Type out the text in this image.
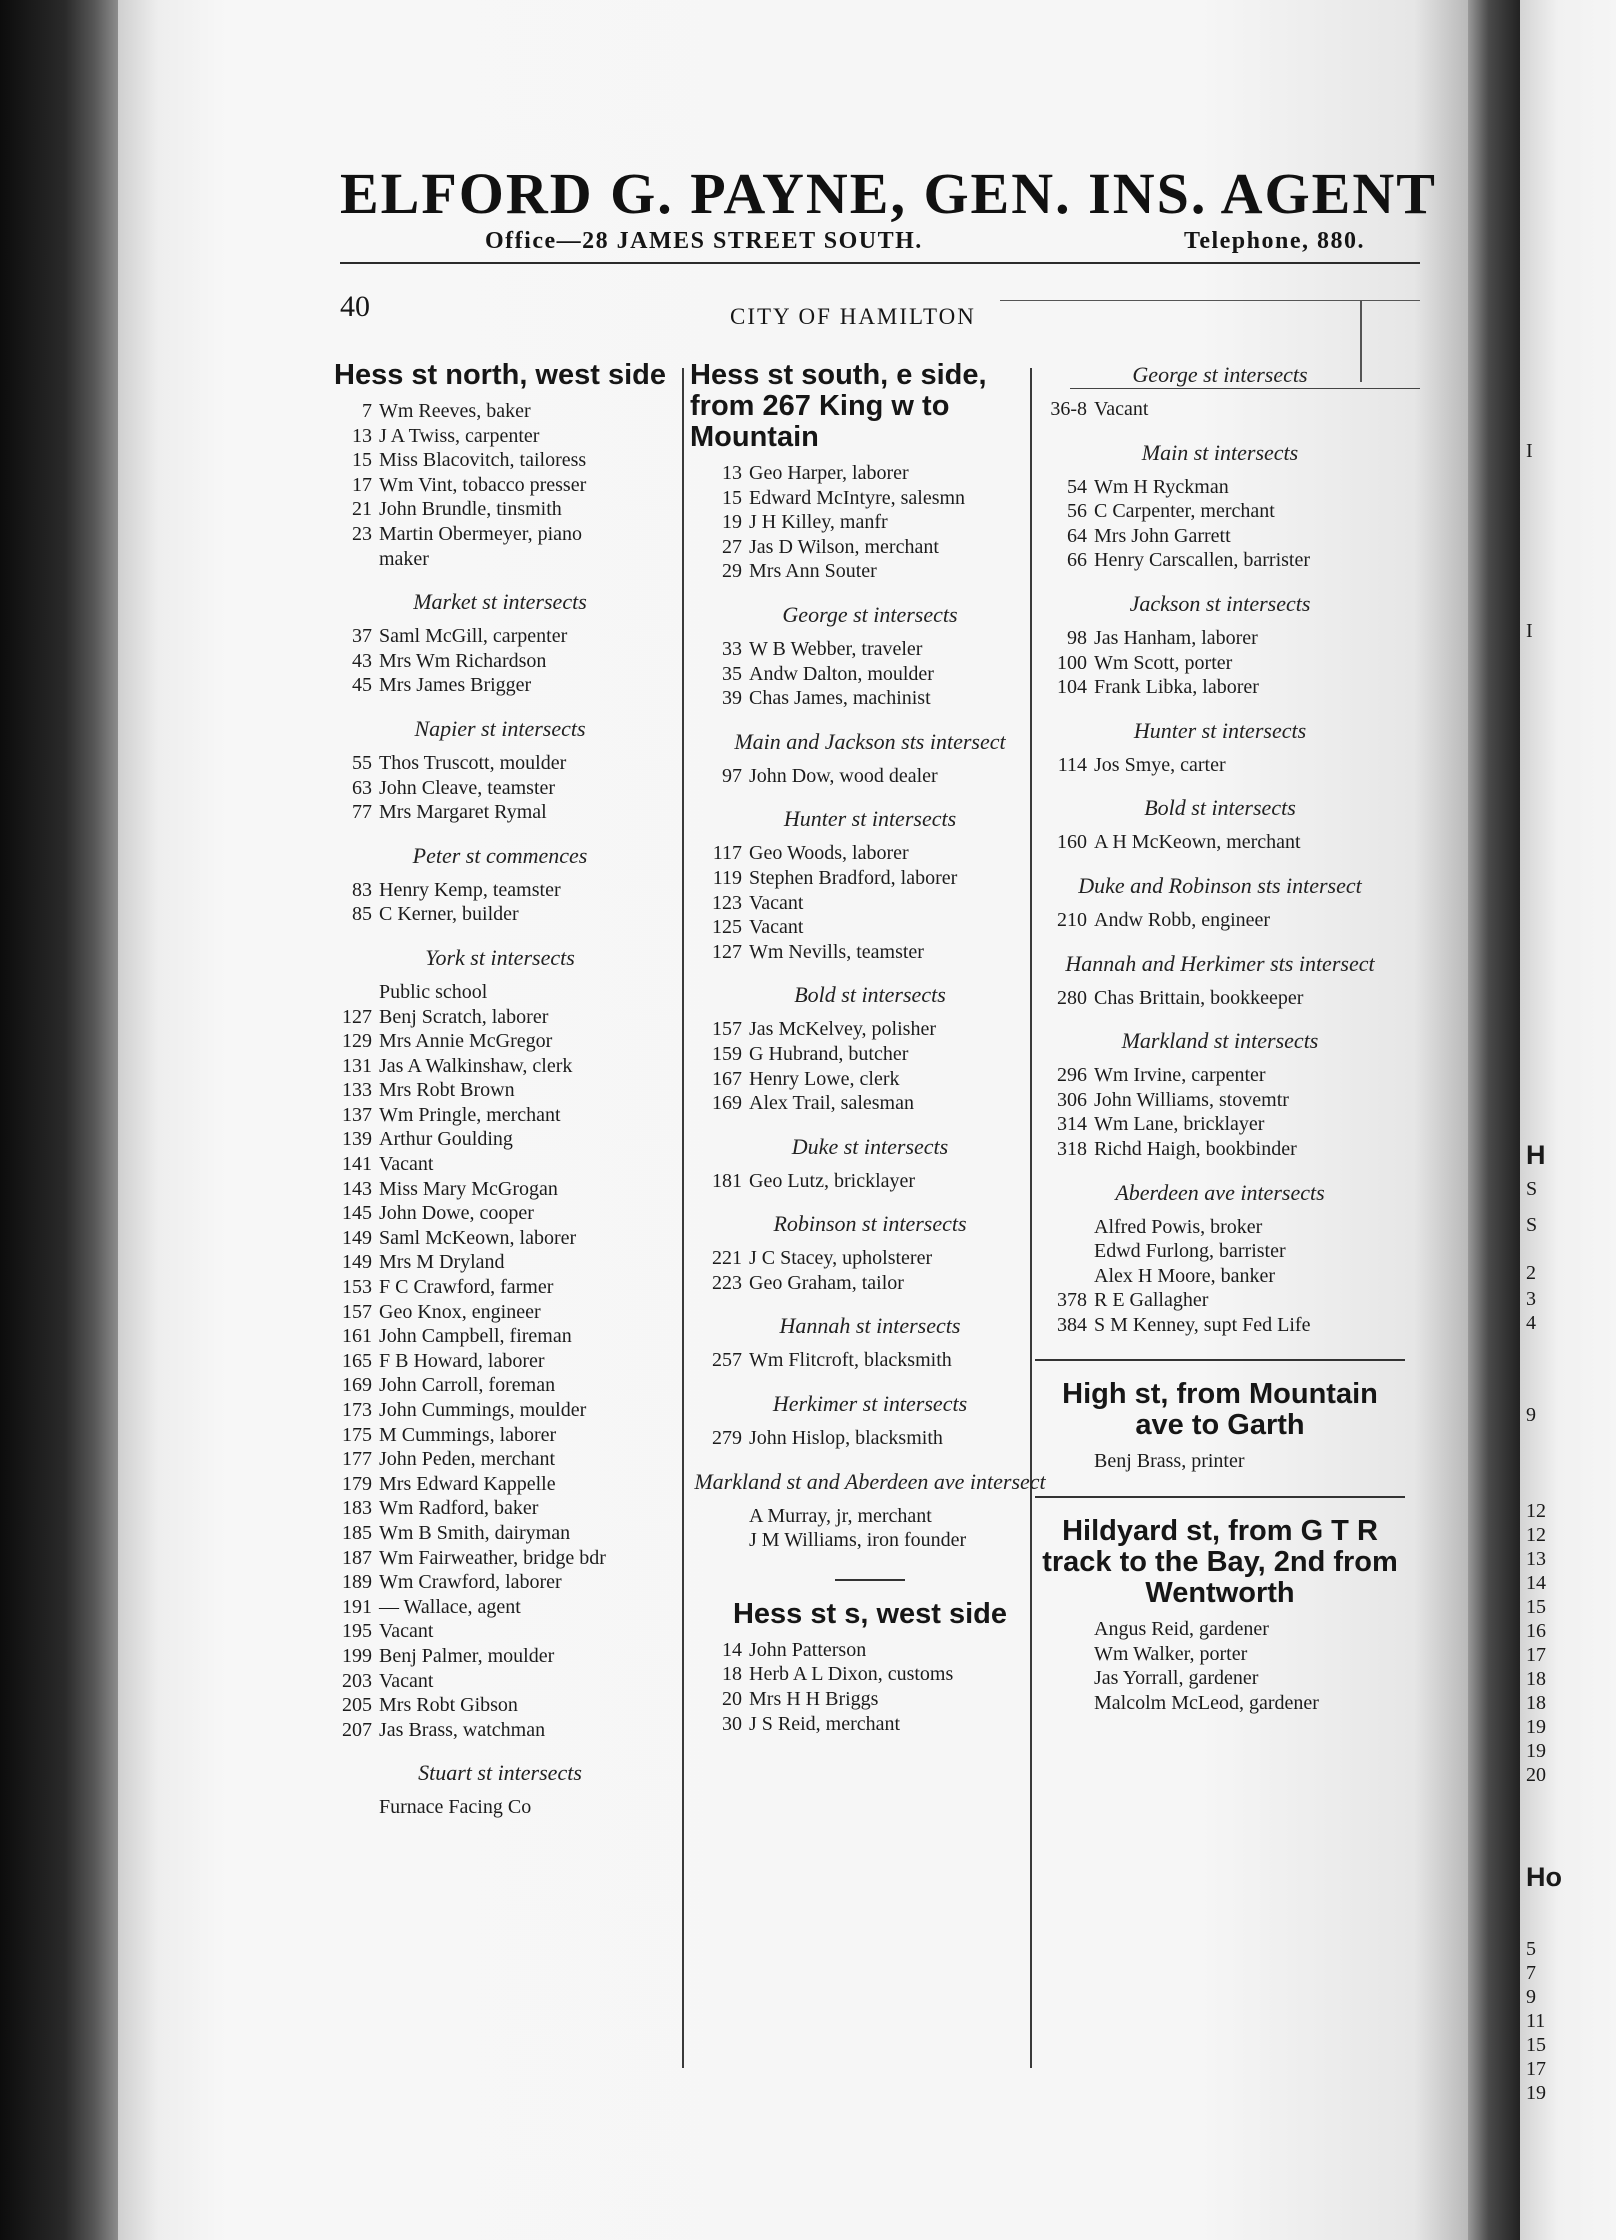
I
I
H
S
S
2
3
4
9
12
12
13
14
15
16
17
18
18
19
19
20
Ho
5
7
9
11
15
17
19
ELFORD G. PAYNE, GEN. INS. AGENT
Office—28 JAMES STREET SOUTH.	Telephone, 880.
40	CITY OF HAMILTON
Hess st north, west side
7 Wm Reeves, baker
13 J A Twiss, carpenter
15 Miss Blacovitch, tailoress
17 Wm Vint, tobacco presser
21 John Brundle, tinsmith
23 Martin Obermeyer, piano
maker
Market st intersects
37 Saml McGill, carpenter
43 Mrs Wm Richardson
45 Mrs James Brigger
Napier st intersects
55 Thos Truscott, moulder
63 John Cleave, teamster
77 Mrs Margaret Rymal
Peter st commences
83 Henry Kemp, teamster
85 C Kerner, builder
York st intersects
Public school
127 Benj Scratch, laborer
129 Mrs Annie McGregor
131 Jas A Walkinshaw, clerk
133 Mrs Robt Brown
137 Wm Pringle, merchant
139 Arthur Goulding
141 Vacant
143 Miss Mary McGrogan
145 John Dowe, cooper
149 Saml McKeown, laborer
149 Mrs M Dryland
153 F C Crawford, farmer
157 Geo Knox, engineer
161 John Campbell, fireman
165 F B Howard, laborer
169 John Carroll, foreman
173 John Cummings, moulder
175 M Cummings, laborer
177 John Peden, merchant
179 Mrs Edward Kappelle
183 Wm Radford, baker
185 Wm B Smith, dairyman
187 Wm Fairweather, bridge bdr
189 Wm Crawford, laborer
191 — Wallace, agent
195 Vacant
199 Benj Palmer, moulder
203 Vacant
205 Mrs Robt Gibson
207 Jas Brass, watchman
Stuart st intersects
Furnace Facing Co
Hess st south, e side, from 267 King w to Mountain
13 Geo Harper, laborer
15 Edward McIntyre, salesmn
19 J H Killey, manfr
27 Jas D Wilson, merchant
29 Mrs Ann Souter
George st intersects
33 W B Webber, traveler
35 Andw Dalton, moulder
39 Chas James, machinist
Main and Jackson sts intersect
97 John Dow, wood dealer
Hunter st intersects
117 Geo Woods, laborer
119 Stephen Bradford, laborer
123 Vacant
125 Vacant
127 Wm Nevills, teamster
Bold st intersects
157 Jas McKelvey, polisher
159 G Hubrand, butcher
167 Henry Lowe, clerk
169 Alex Trail, salesman
Duke st intersects
181 Geo Lutz, bricklayer
Robinson st intersects
221 J C Stacey, upholsterer
223 Geo Graham, tailor
Hannah st intersects
257 Wm Flitcroft, blacksmith
Herkimer st intersects
279 John Hislop, blacksmith
Markland st and Aberdeen ave intersect
A Murray, jr, merchant
J M Williams, iron founder
Hess st s, west side
14 John Patterson
18 Herb A L Dixon, customs
20 Mrs H H Briggs
30 J S Reid, merchant
George st intersects
36-8 Vacant
Main st intersects
54 Wm H Ryckman
56 C Carpenter, merchant
64 Mrs John Garrett
66 Henry Carscallen, barrister
Jackson st intersects
98 Jas Hanham, laborer
100 Wm Scott, porter
104 Frank Libka, laborer
Hunter st intersects
114 Jos Smye, carter
Bold st intersects
160 A H McKeown, merchant
Duke and Robinson sts intersect
210 Andw Robb, engineer
Hannah and Herkimer sts intersect
280 Chas Brittain, bookkeeper
Markland st intersects
296 Wm Irvine, carpenter
306 John Williams, stovemtr
314 Wm Lane, bricklayer
318 Richd Haigh, bookbinder
Aberdeen ave intersects
Alfred Powis, broker
Edwd Furlong, barrister
Alex H Moore, banker
378 R E Gallagher
384 S M Kenney, supt Fed Life
High st, from Mountain ave to Garth
Benj Brass, printer
Hildyard st, from G T R track to the Bay, 2nd from Wentworth
Angus Reid, gardener
Wm Walker, porter
Jas Yorrall, gardener
Malcolm McLeod, gardener
